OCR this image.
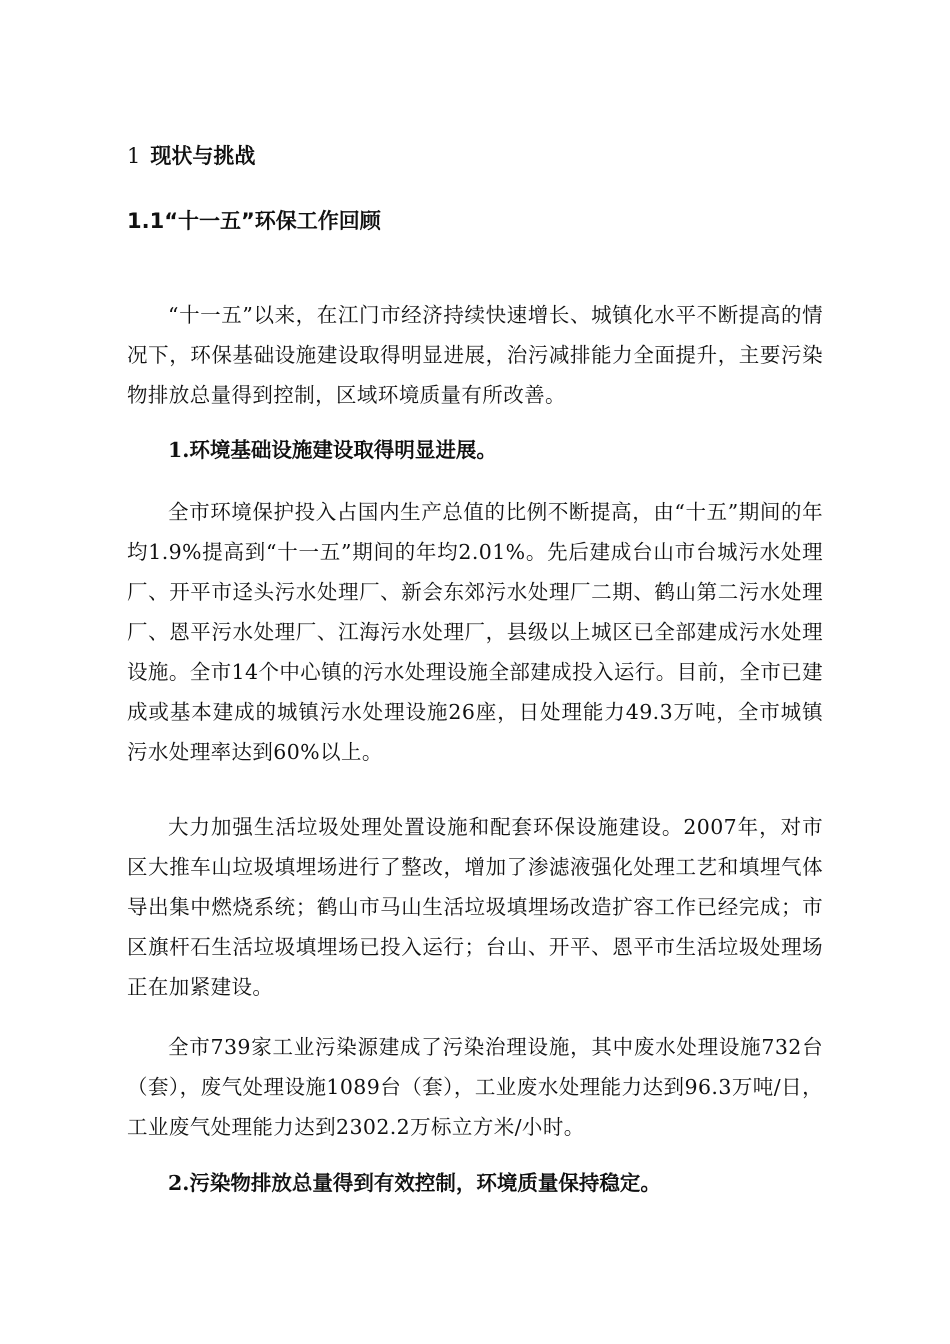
1 现状与挑战
1.1“十一五”环保工作回顾

“十一五”以来，在江门市经济持续快速增长、城镇化水平不断提高的情况下，环保基础设施建设取得明显进展，治污减排能力全面提升，主要污染物排放总量得到控制，区域环境质量有所改善。

1.环境基础设施建设取得明显进展。

全市环境保护投入占国内生产总值的比例不断提高，由“十五”期间的年均1.9%提高到“十一五”期间的年均2.01%。先后建成台山市台城污水处理厂、开平市迳头污水处理厂、新会东郊污水处理厂二期、鹤山第二污水处理厂、恩平污水处理厂、江海污水处理厂，县级以上城区已全部建成污水处理设施。全市14个中心镇的污水处理设施全部建成投入运行。目前，全市已建成或基本建成的城镇污水处理设施26座，日处理能力49.3万吨，全市城镇污水处理率达到60%以上。

大力加强生活垃圾处理处置设施和配套环保设施建设。2007年，对市区大推车山垃圾填埋场进行了整改，增加了渗滤液强化处理工艺和填埋气体导出集中燃烧系统；鹤山市马山生活垃圾填埋场改造扩容工作已经完成；市区旗杆石生活垃圾填埋场已投入运行；台山、开平、恩平市生活垃圾处理场正在加紧建设。

全市739家工业污染源建成了污染治理设施，其中废水处理设施732台（套），废气处理设施1089台（套），工业废水处理能力达到96.3万吨/日，工业废气处理能力达到2302.2万标立方米/小时。

2.污染物排放总量得到有效控制，环境质量保持稳定。
